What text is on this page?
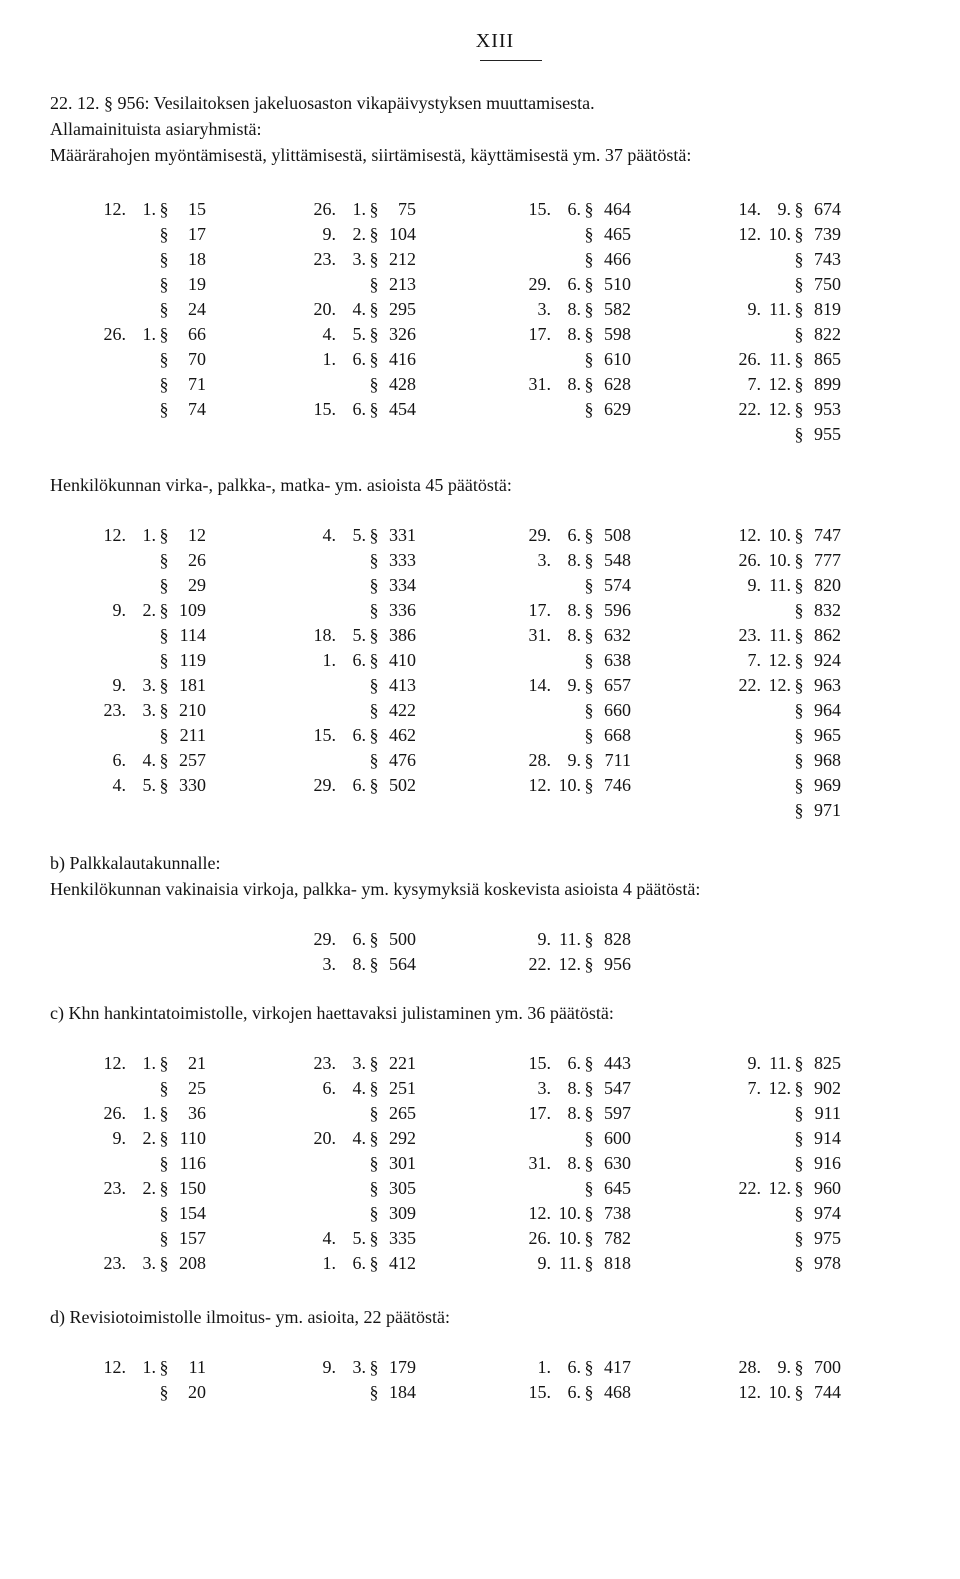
XIII
22. 12. § 956: Vesilaitoksen jakeluosaston vikapäivystyksen muuttamisesta.
Allamainituista asiaryhmistä:
Määrärahojen myöntämisestä, ylittämisestä, siirtämisestä, käyttämisestä ym. 37 päätöstä:
Henkilökunnan virka-, palkka-, matka- ym. asioista 45 päätöstä:
b) Palkkalautakunnalle:
Henkilökunnan vakinaisia virkoja, palkka- ym. kysymyksiä koskevista asioista 4 päätöstä:
c) Khn hankintatoimistolle, virkojen haettavaksi julistaminen ym. 36 päätöstä:
d) Revisiotoimistolle ilmoitus- ym. asioita, 22 päätöstä:
12. 1. § 15
§ 17
§ 18
§ 19
§ 24
26. 1. § 66
§ 70
§ 71
§ 74
26. 1. § 75
9. 2. § 104
23. 3. § 212
§ 213
20. 4. § 295
4. 5. § 326
1. 6. § 416
§ 428
15. 6. § 454
15. 6. § 464
§ 465
§ 466
29. 6. § 510
3. 8. § 582
17. 8. § 598
§ 610
31. 8. § 628
§ 629
14. 9. § 674
12. 10. § 739
§ 743
§ 750
9. 11. § 819
§ 822
26. 11. § 865
7. 12. § 899
22. 12. § 953
§ 955
12. 1. § 12
§ 26
§ 29
9. 2. § 109
§ 114
§ 119
9. 3. § 181
23. 3. § 210
§ 211
6. 4. § 257
4. 5. § 330
4. 5. § 331
§ 333
§ 334
§ 336
18. 5. § 386
1. 6. § 410
§ 413
§ 422
15. 6. § 462
§ 476
29. 6. § 502
29. 6. § 508
3. 8. § 548
§ 574
17. 8. § 596
31. 8. § 632
§ 638
14. 9. § 657
§ 660
§ 668
28. 9. § 711
12. 10. § 746
12. 10. § 747
26. 10. § 777
9. 11. § 820
§ 832
23. 11. § 862
7. 12. § 924
22. 12. § 963
§ 964
§ 965
§ 968
§ 969
§ 971
29. 6. § 500
3. 8. § 564
9. 11. § 828
22. 12. § 956
12. 1. § 21
§ 25
26. 1. § 36
9. 2. § 110
§ 116
23. 2. § 150
§ 154
§ 157
23. 3. § 208
23. 3. § 221
6. 4. § 251
§ 265
20. 4. § 292
§ 301
§ 305
§ 309
4. 5. § 335
1. 6. § 412
15. 6. § 443
3. 8. § 547
17. 8. § 597
§ 600
31. 8. § 630
§ 645
12. 10. § 738
26. 10. § 782
9. 11. § 818
9. 11. § 825
7. 12. § 902
§ 911
§ 914
§ 916
22. 12. § 960
§ 974
§ 975
§ 978
12. 1. § 11
§ 20
9. 3. § 179
§ 184
1. 6. § 417
15. 6. § 468
28. 9. § 700
12. 10. § 744
